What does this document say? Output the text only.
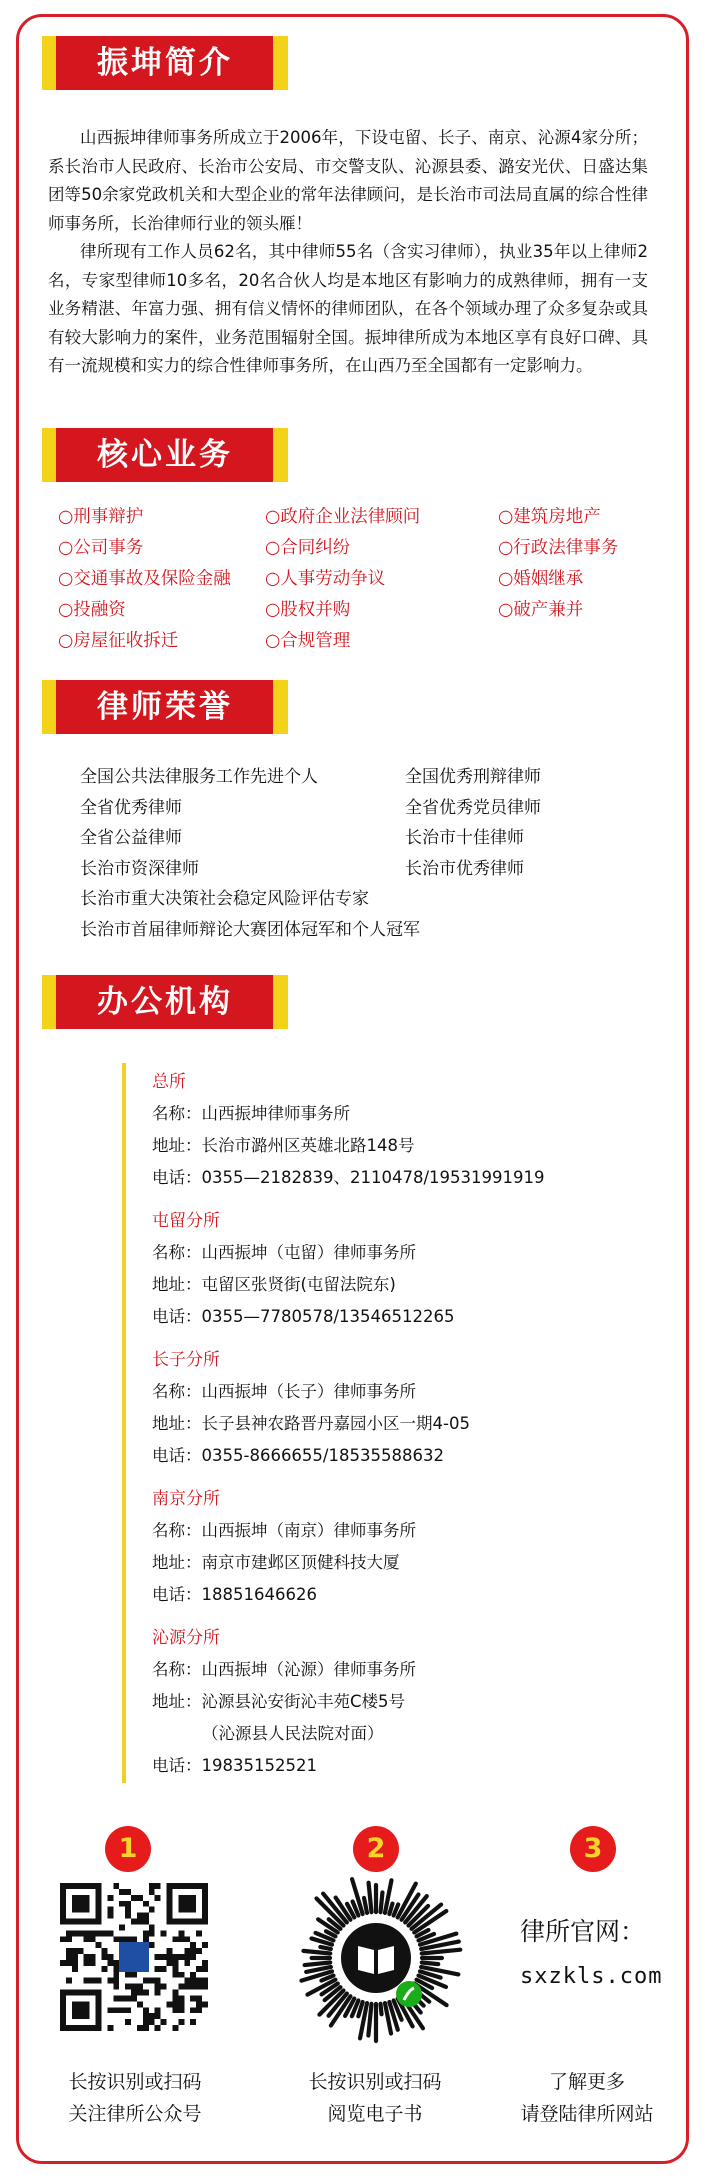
振坤简介

山西振坤律师事务所成立于2006年，下设屯留、长子、南京、沁源4家分所；系长治市人民政府、长治市公安局、市交警支队、沁源县委、潞安光伏、日盛达集团等50余家党政机关和大型企业的常年法律顾问，是长治市司法局直属的综合性律师事务所，长治律师行业的领头雁！

律所现有工作人员62名，其中律师55名（含实习律师），执业35年以上律师2名，专家型律师10多名，20名合伙人均是本地区有影响力的成熟律师，拥有一支业务精湛、年富力强、拥有信义情怀的律师团队，在各个领域办理了众多复杂或具有较大影响力的案件，业务范围辐射全国。振坤律所成为本地区享有良好口碑、具有一流规模和实力的综合性律师事务所，在山西乃至全国都有一定影响力。

核心业务
○刑事辩护
○公司事务
○交通事故及保险金融
○投融资
○房屋征收拆迁
○政府企业法律顾问
○合同纠纷
○人事劳动争议
○股权并购
○合规管理
○建筑房地产
○行政法律事务
○婚姻继承
○破产兼并
律师荣誉
全国公共法律服务工作先进个人
全省优秀律师
全省公益律师
长治市资深律师
长治市重大决策社会稳定风险评估专家
长治市首届律师辩论大赛团体冠军和个人冠军
全国优秀刑辩律师
全省优秀党员律师
长治市十佳律师
长治市优秀律师
办公机构
总所
名称：山西振坤律师事务所
地址：长治市潞州区英雄北路148号
电话：0355—2182839、2110478/19531991919
屯留分所
名称：山西振坤（屯留）律师事务所
地址：屯留区张贤街(屯留法院东)
电话：0355—7780578/13546512265
长子分所
名称：山西振坤（长子）律师事务所
地址：长子县神农路晋丹嘉园小区一期4-05
电话：0355-8666655/18535588632
南京分所
名称：山西振坤（南京）律师事务所
地址：南京市建邺区顶健科技大厦
电话：18851646626
沁源分所
名称：山西振坤（沁源）律师事务所
地址：沁源县沁安街沁丰苑C楼5号
（沁源县人民法院对面）
电话：19835152521
1	2	3
长按识别或扫码
关注律所公众号
长按识别或扫码
阅览电子书
律所官网：
sxzkls.com
了解更多
请登陆律所网站
